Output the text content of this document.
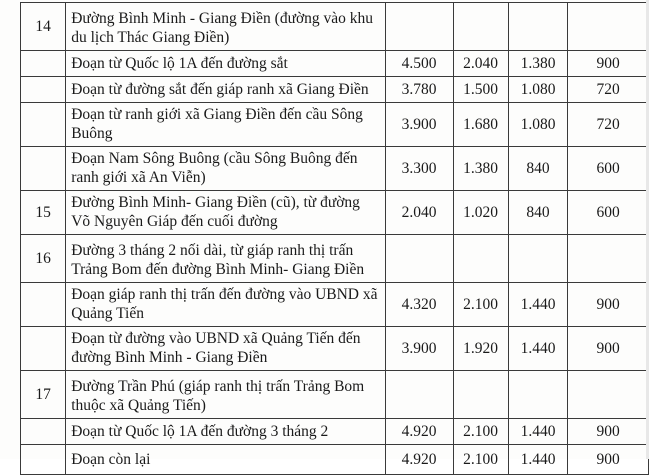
14	Đường Bình Minh - Giang Điền (đường vào khu du lịch Thác Giang Điền)				
	Đoạn từ Quốc lộ 1A đến đường sắt	4.500	2.040	1.380	900
	Đoạn từ đường sắt đến giáp ranh xã Giang Điền	3.780	1.500	1.080	720
	Đoạn từ ranh giới xã Giang Điền đến cầu Sông Buông	3.900	1.680	1.080	720
	Đoạn Nam Sông Buông (cầu Sông Buông đến ranh giới xã An Viễn)	3.300	1.380	840	600
15	Đường Bình Minh- Giang Điền (cũ), từ đường Võ Nguyên Giáp đến cuối đường	2.040	1.020	840	600
16	Đường 3 tháng 2 nối dài, từ giáp ranh thị trấn Trảng Bom đến đường Bình Minh- Giang Điền				
	Đoạn giáp ranh thị trấn đến đường vào UBND xã Quảng Tiến	4.320	2.100	1.440	900
	Đoạn từ đường vào UBND xã Quảng Tiến đến đường Bình Minh - Giang Điền	3.900	1.920	1.440	900
17	Đường Trần Phú (giáp ranh thị trấn Trảng Bom thuộc xã Quảng Tiến)				
	Đoạn từ Quốc lộ 1A đến đường 3 tháng 2	4.920	2.100	1.440	900
	Đoạn còn lại	4.920	2.100	1.440	900
